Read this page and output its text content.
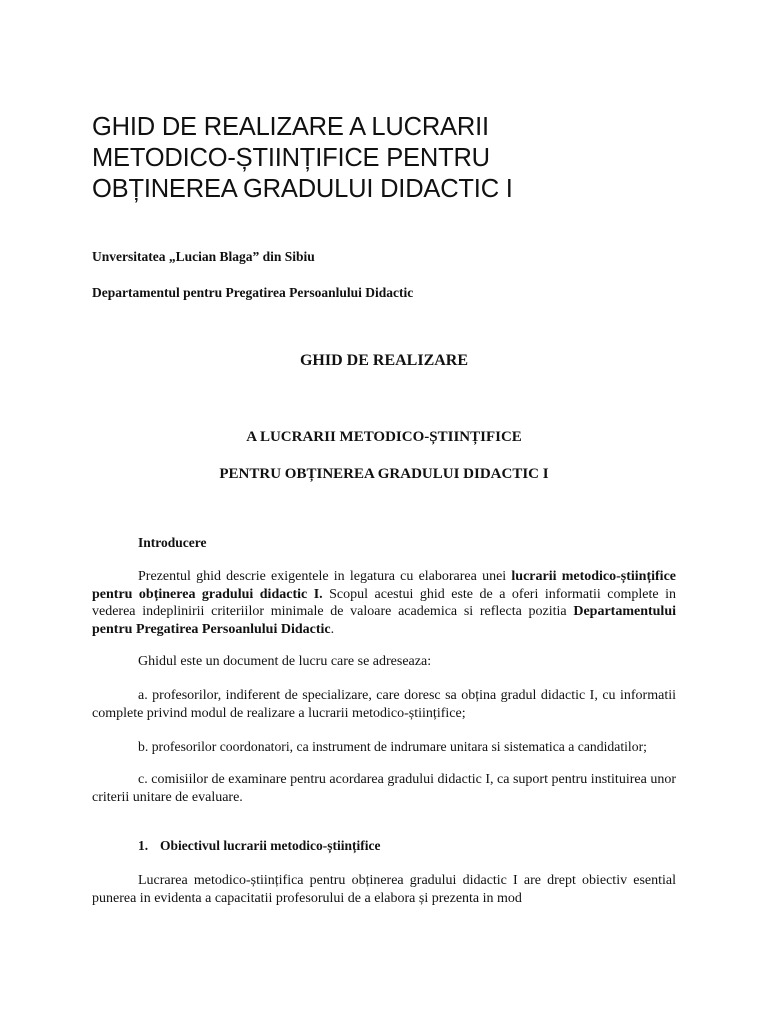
GHID DE REALIZARE A LUCRARII
METODICO-ȘTIINȚIFICE PENTRU
OBȚINEREA GRADULUI DIDACTIC I
Unversitatea „Lucian Blaga” din Sibiu
Departamentul pentru Pregatirea Persoanlului Didactic
GHID DE REALIZARE
A LUCRARII METODICO-ȘTIINȚIFICE
PENTRU OBȚINEREA GRADULUI DIDACTIC I
Introducere

Prezentul ghid descrie exigentele in legatura cu elaborarea unei lucrarii metodico-științifice pentru obținerea gradului didactic I. Scopul acestui ghid este de a oferi informatii complete in vederea indeplinirii criteriilor minimale de valoare academica si reflecta pozitia Departamentului pentru Pregatirea Persoanlului Didactic.

Ghidul este un document de lucru care se adreseaza:

a. profesorilor, indiferent de specializare, care doresc sa obțina gradul didactic I, cu informatii complete privind modul de realizare a lucrarii metodico-științifice;

b. profesorilor coordonatori, ca instrument de indrumare unitara si sistematica a candidatilor;

c. comisiilor de examinare pentru acordarea gradului didactic I, ca suport pentru instituirea unor criterii unitare de evaluare.

1. Obiectivul lucrarii metodico-științifice

Lucrarea metodico-științifica pentru obținerea gradului didactic I are drept obiectiv esential punerea in evidenta a capacitatii profesorului de a elabora și prezenta in mod
